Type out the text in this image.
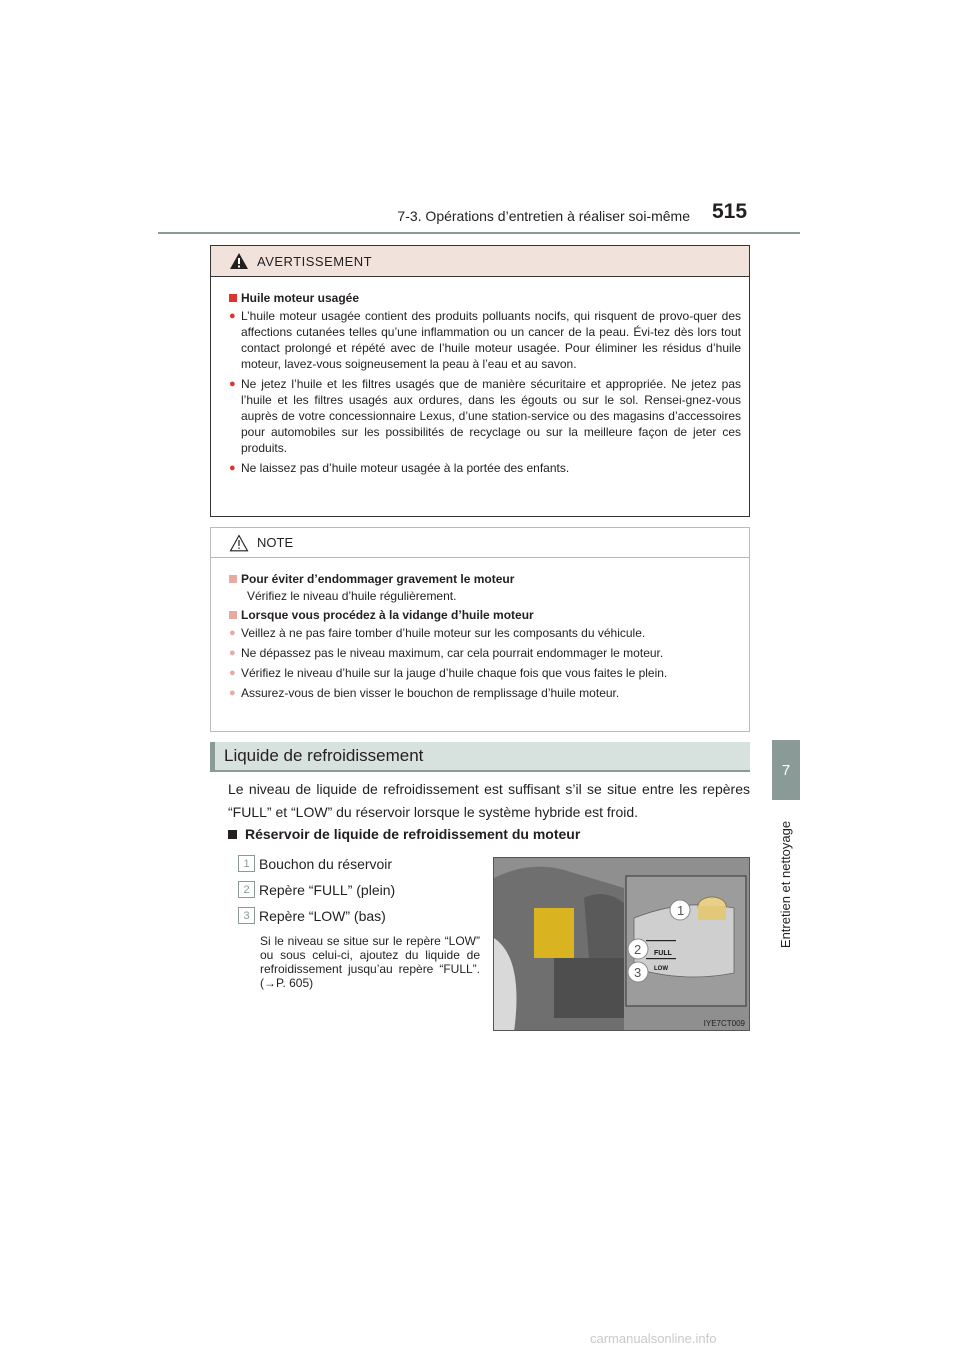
7-3. Opérations d’entretien à réaliser soi-même 515
7
Entretien et nettoyage
AVERTISSEMENT
Huile moteur usagée
● L’huile moteur usagée contient des produits polluants nocifs, qui risquent de provo-quer des affections cutanées telles qu’une inflammation ou un cancer de la peau. Évi-tez dès lors tout contact prolongé et répété avec de l’huile moteur usagée. Pour éliminer les résidus d’huile moteur, lavez-vous soigneusement la peau à l’eau et au savon.
● Ne jetez l’huile et les filtres usagés que de manière sécuritaire et appropriée. Ne jetez pas l’huile et les filtres usagés aux ordures, dans les égouts ou sur le sol. Rensei-gnez-vous auprès de votre concessionnaire Lexus, d’une station-service ou des magasins d’accessoires pour automobiles sur les possibilités de recyclage ou sur la meilleure façon de jeter ces produits.
● Ne laissez pas d’huile moteur usagée à la portée des enfants.
NOTE
Pour éviter d’endommager gravement le moteur
Vérifiez le niveau d’huile régulièrement.
Lorsque vous procédez à la vidange d’huile moteur
● Veillez à ne pas faire tomber d’huile moteur sur les composants du véhicule.
● Ne dépassez pas le niveau maximum, car cela pourrait endommager le moteur.
● Vérifiez le niveau d’huile sur la jauge d’huile chaque fois que vous faites le plein.
● Assurez-vous de bien visser le bouchon de remplissage d’huile moteur.
Liquide de refroidissement
Le niveau de liquide de refroidissement est suffisant s’il se situe entre les repères “FULL” et “LOW” du réservoir lorsque le système hybride est froid.
Réservoir de liquide de refroidissement du moteur
1 Bouchon du réservoir
2 Repère “FULL” (plein)
3 Repère “LOW” (bas)
Si le niveau se situe sur le repère “LOW” ou sous celui-ci, ajoutez du liquide de refroidissement jusqu’au repère “FULL”. (→P. 605)
FULL
LOW
1
2
3
IYE7CT009
carmanualsonline.info
